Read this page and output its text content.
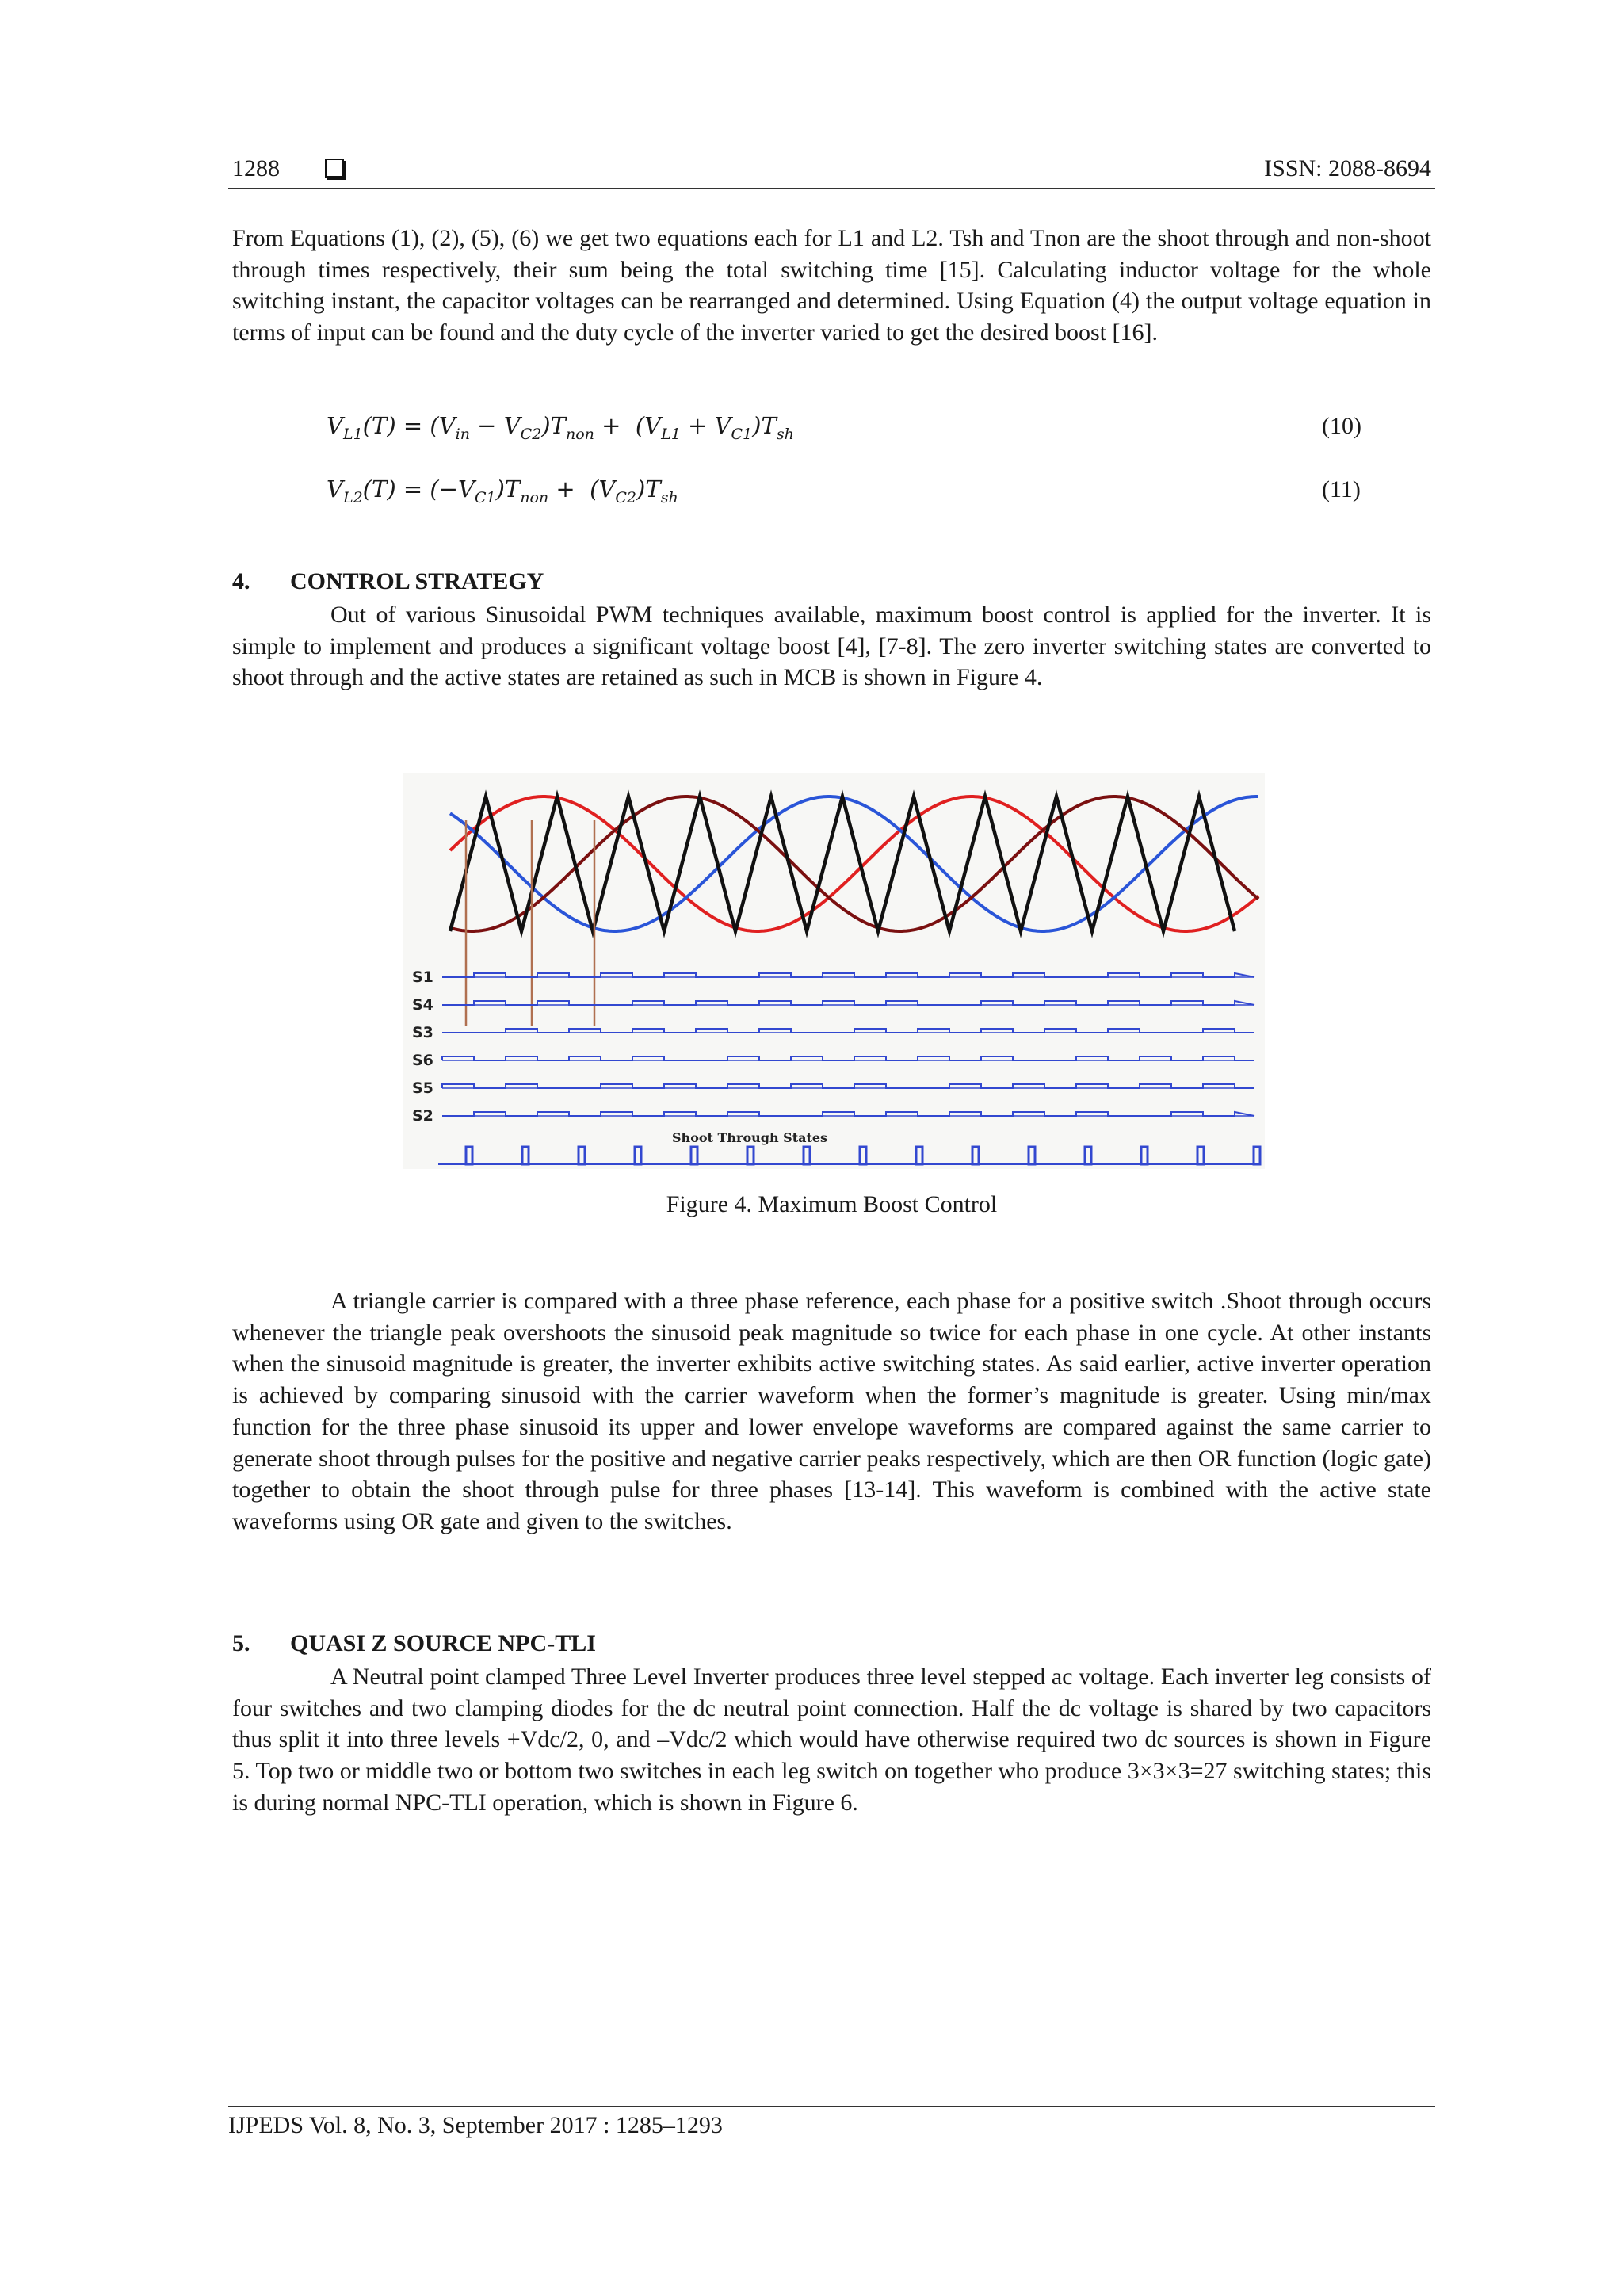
1288	ISSN: 2088-8694

From Equations (1), (2), (5), (6) we get two equations each for L1 and L2. Tsh and Tnon are the shoot through and non-shoot through times respectively, their sum being the total switching time [15]. Calculating inductor voltage for the whole switching instant, the capacitor voltages can be rearranged and determined. Using Equation (4) the output voltage equation in terms of input can be found and the duty cycle of the inverter varied to get the desired boost [16].

$V_{L1}(T) = (V_{in} - V_{C2})T_{non} + (V_{L1} + V_{C1})T_{sh}$	(10)
$V_{L2}(T) = (-V_{C1})T_{non} + (V_{C2})T_{sh}$	(11)
4. CONTROL STRATEGY

Out of various Sinusoidal PWM techniques available, maximum boost control is applied for the inverter. It is simple to implement and produces a significant voltage boost [4], [7-8]. The zero inverter switching states are converted to shoot through and the active states are retained as such in MCB is shown in Figure 4.

S1
S4
S3
S6
S5
S2
Shoot Through States
Figure 4. Maximum Boost Control

A triangle carrier is compared with a three phase reference, each phase for a positive switch .Shoot through occurs whenever the triangle peak overshoots the sinusoid peak magnitude so twice for each phase in one cycle. At other instants when the sinusoid magnitude is greater, the inverter exhibits active switching states. As said earlier, active inverter operation is achieved by comparing sinusoid with the carrier waveform when the former’s magnitude is greater. Using min/max function for the three phase sinusoid its upper and lower envelope waveforms are compared against the same carrier to generate shoot through pulses for the positive and negative carrier peaks respectively, which are then OR function (logic gate) together to obtain the shoot through pulse for three phases [13-14]. This waveform is combined with the active state waveforms using OR gate and given to the switches.

5. QUASI Z SOURCE NPC-TLI

A Neutral point clamped Three Level Inverter produces three level stepped ac voltage. Each inverter leg consists of four switches and two clamping diodes for the dc neutral point connection. Half the dc voltage is shared by two capacitors thus split it into three levels +Vdc/2, 0, and –Vdc/2 which would have otherwise required two dc sources is shown in Figure 5. Top two or middle two or bottom two switches in each leg switch on together who produce 3×3×3=27 switching states; this is during normal NPC-TLI operation, which is shown in Figure 6.

IJPEDS Vol. 8, No. 3, September 2017 : 1285–1293
